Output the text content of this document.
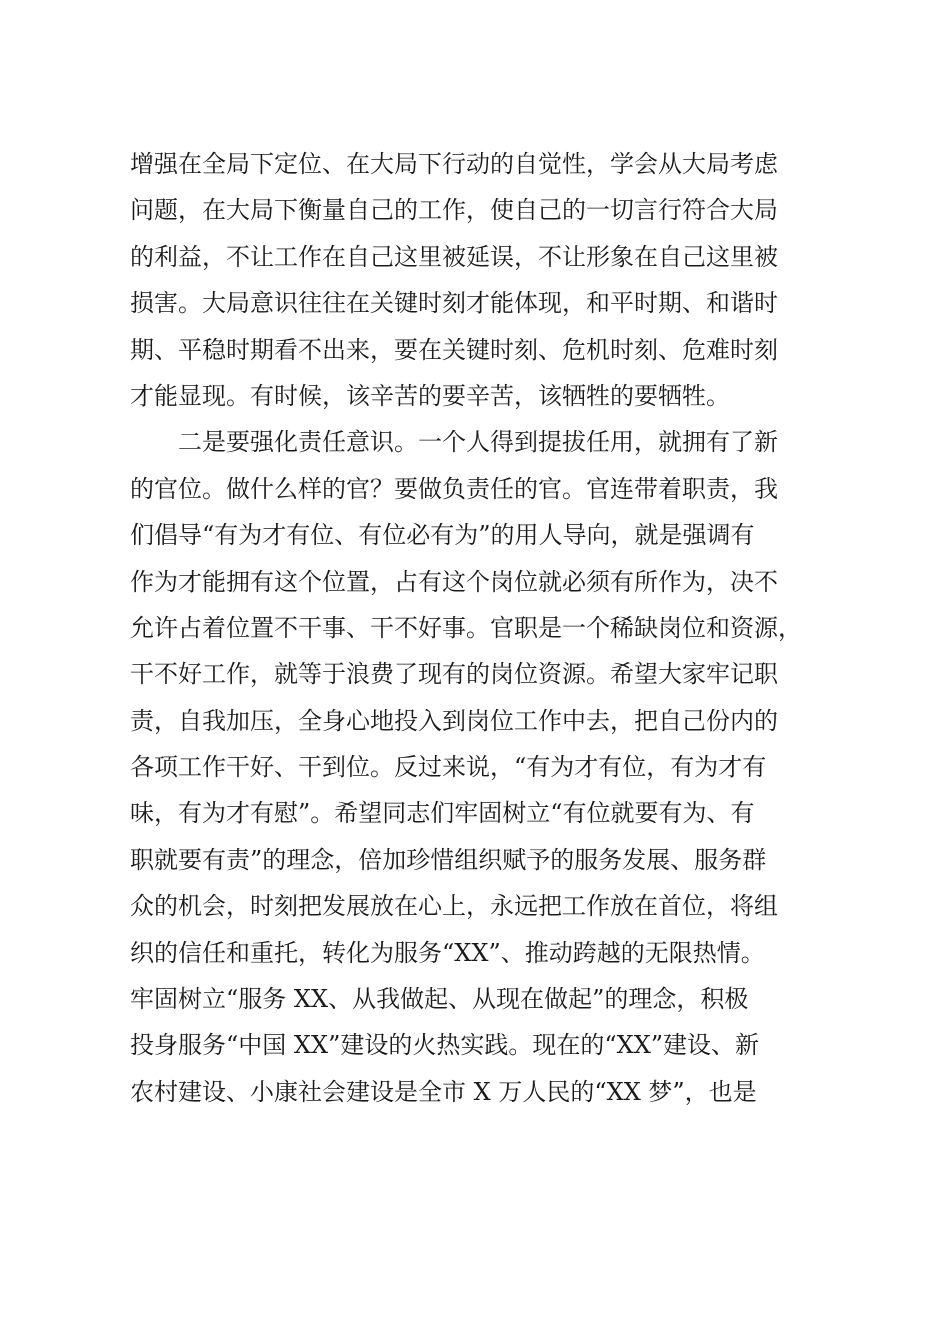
增强在全局下定位、在大局下行动的自觉性，学会从大局考虑
问题，在大局下衡量自己的工作，使自己的一切言行符合大局
的利益，不让工作在自己这里被延误，不让形象在自己这里被
损害。大局意识往往在关键时刻才能体现，和平时期、和谐时
期、平稳时期看不出来，要在关键时刻、危机时刻、危难时刻
才能显现。有时候，该辛苦的要辛苦，该牺牲的要牺牲。
二是要强化责任意识。一个人得到提拔任用，就拥有了新
的官位。做什么样的官？要做负责任的官。官连带着职责，我
们倡导“有为才有位、有位必有为”的用人导向，就是强调有
作为才能拥有这个位置，占有这个岗位就必须有所作为，决不
允许占着位置不干事、干不好事。官职是一个稀缺岗位和资源，
干不好工作，就等于浪费了现有的岗位资源。希望大家牢记职
责，自我加压，全身心地投入到岗位工作中去，把自己份内的
各项工作干好、干到位。反过来说，“有为才有位，有为才有
味，有为才有慰”。希望同志们牢固树立“有位就要有为、有
职就要有责”的理念，倍加珍惜组织赋予的服务发展、服务群
众的机会，时刻把发展放在心上，永远把工作放在首位，将组
织的信任和重托，转化为服务“XX”、推动跨越的无限热情。
牢固树立“服务 XX、从我做起、从现在做起”的理念，积极
投身服务“中国 XX”建设的火热实践。现在的“XX”建设、新
农村建设、小康社会建设是全市 X 万人民的“XX 梦”，也是
